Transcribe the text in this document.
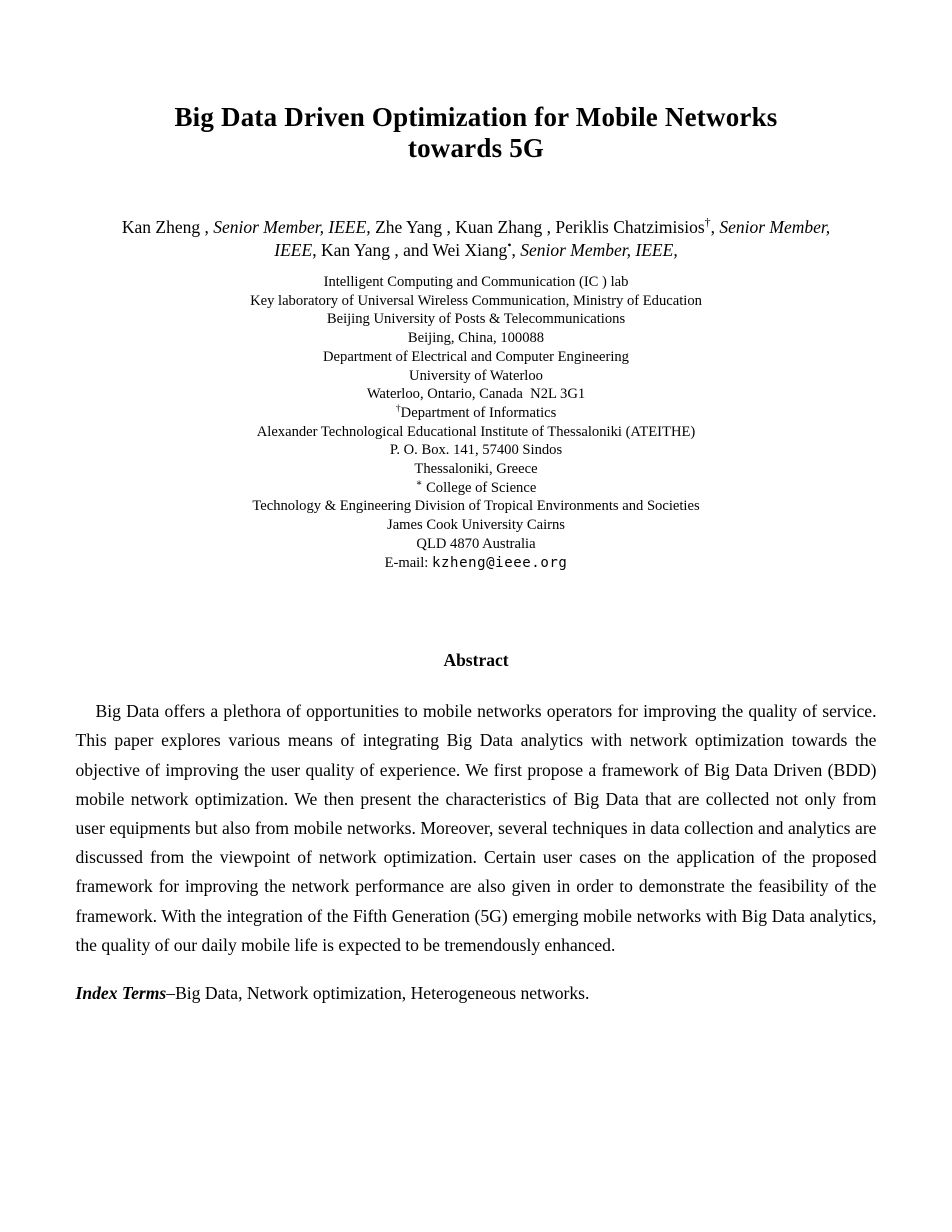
Big Data Driven Optimization for Mobile Networks
towards 5G
Kan Zheng , Senior Member, IEEE, Zhe Yang , Kuan Zhang , Periklis Chatzimisios†, Senior Member, IEEE, Kan Yang , and Wei Xiang•, Senior Member, IEEE,
Intelligent Computing and Communication (IC ) lab
Key laboratory of Universal Wireless Communication, Ministry of Education
Beijing University of Posts & Telecommunications
Beijing, China, 100088
Department of Electrical and Computer Engineering
University of Waterloo
Waterloo, Ontario, Canada  N2L 3G1
†Department of Informatics
Alexander Technological Educational Institute of Thessaloniki (ATEITHE)
P. O. Box. 141, 57400 Sindos
Thessaloniki, Greece
∗ College of Science
Technology & Engineering Division of Tropical Environments and Societies
James Cook University Cairns
QLD 4870 Australia
E-mail: kzheng@ieee.org
Abstract

Big Data offers a plethora of opportunities to mobile networks operators for improving the quality of service. This paper explores various means of integrating Big Data analytics with network optimization towards the objective of improving the user quality of experience. We first propose a framework of Big Data Driven (BDD) mobile network optimization. We then present the characteristics of Big Data that are collected not only from user equipments but also from mobile networks. Moreover, several techniques in data collection and analytics are discussed from the viewpoint of network optimization. Certain user cases on the application of the proposed framework for improving the network performance are also given in order to demonstrate the feasibility of the framework. With the integration of the Fifth Generation (5G) emerging mobile networks with Big Data analytics, the quality of our daily mobile life is expected to be tremendously enhanced.

Index Terms–Big Data, Network optimization, Heterogeneous networks.
